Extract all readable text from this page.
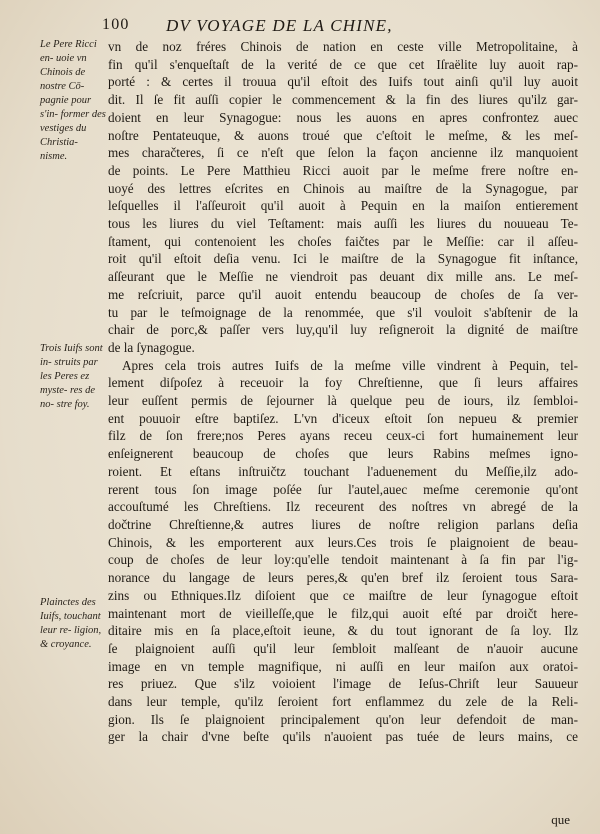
100 DV VOYAGE DE LA CHINE,
Le Pere Ricci en- uoie vn Chinois de nostre Cō- pagnie pour s'in- former des vestiges du Christia- nisme.
Trois Iuifs sont in- struits par les Peres ez myste- res de no- stre foy.
Plainctes des Iuifs, touchant leur re- ligion, & croyance.
vn de noz fréres Chinois de nation en ceste ville Metropolitaine, à
fin qu'il s'enqueſtaſt de la verité de ce que cet Iſraëlite luy auoit rap-
porté : & certes il trouua qu'il eſtoit des Iuifs tout ainſi qu'il luy auoit
dit. Il ſe fit auſſi copier le commencement & la fin des liures qu'ilz gar-
doient en leur Synagogue: nous les auons en apres confrontez auec
noſtre Pentateuque, & auons troué que c'eſtoit le meſme, & les meſ-
mes charačteres, ſi ce n'eſt que ſelon la façon ancienne ilz manquoient
de points. Le Pere Matthieu Ricci auoit par le meſme frere noſtre en-
uoyé des lettres eſcrites en Chinois au maiſtre de la Synagogue, par
leſquelles il l'aſſeuroit qu'il auoit à Pequin en la maiſon entierement
tous les liures du viel Teſtament: mais auſſi les liures du nouueau Te-
ſtament, qui contenoient les choſes faičtes par le Meſſie: car il aſſeu-
roit qu'il eſtoit deſia venu. Ici le maiſtre de la Synagogue fit inſtance,
aſſeurant que le Meſſie ne viendroit pas deuant dix mille ans. Le meſ-
me reſcriuit, parce qu'il auoit entendu beaucoup de choſes de ſa ver-
tu par le teſmoignage de la renommée, que s'il vouloit s'abſtenir de la
chair de porc,& paſſer vers luy,qu'il luy reſigneroit la dignité de maiſtre
de la ſynagogue.
Apres cela trois autres Iuifs de la meſme ville vindrent à Pequin, tel-
lement diſpoſez à receuoir la foy Chreſtienne, que ſi leurs affaires
leur euſſent permis de ſejourner là quelque peu de iours, ilz ſembloi-
ent pouuoir eſtre baptiſez. L'vn d'iceux eſtoit ſon nepueu & premier
filz de ſon frere;nos Peres ayans receu ceux-ci fort humainement leur
enſeignerent beaucoup de choſes que leurs Rabins meſmes igno-
roient. Et eſtans inſtruičtz touchant l'aduenement du Meſſie,ilz ado-
rerent tous ſon image poſée ſur l'autel,auec meſme ceremonie qu'ont
accouſtumé les Chreſtiens. Ilz receurent des noſtres vn abregé de la
dočtrine Chreſtienne,& autres liures de noſtre religion parlans deſia
Chinois, & les emporterent aux leurs.Ces trois ſe plaignoient de beau-
coup de choſes de leur loy:qu'elle tendoit maintenant à ſa fin par l'ig-
norance du langage de leurs peres,& qu'en bref ilz ſeroient tous Sara-
zins ou Ethniques.Ilz diſoient que ce maiſtre de leur ſynagogue eſtoit
maintenant mort de vieilleſſe,que le filz,qui auoit eſté par droičt here-
ditaire mis en ſa place,eſtoit ieune, & du tout ignorant de ſa loy. Ilz
ſe plaignoient auſſi qu'il leur ſembloit malſeant de n'auoir aucune
image en vn temple magnifique, ni auſſi en leur maiſon aux oratoi-
res priuez. Que s'ilz voioient l'image de Ieſus-Chriſt leur Sauueur
dans leur temple, qu'ilz ſeroient fort enflammez du zele de la Reli-
gion. Ils ſe plaignoient principalement qu'on leur defendoit de man-
ger la chair d'vne beſte qu'ils n'auoient pas tuée de leurs mains, ce
que
